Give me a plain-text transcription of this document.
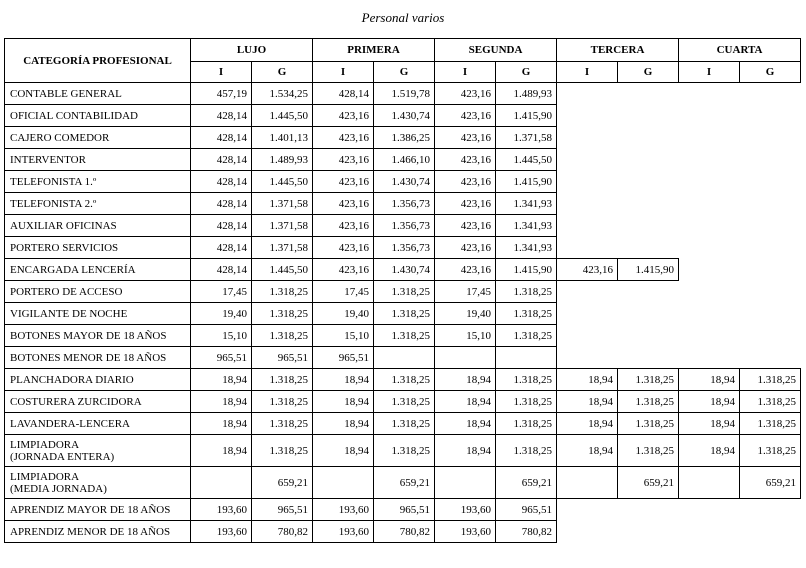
Personal varios
CATEGORÍA PROFESIONAL	LUJO		PRIMERA		SEGUNDA		TERCERA		CUARTA	
	I	G	I	G	I	G	I	G	I	G

CONTABLE GENERAL	457,19	1.534,25	428,14	1.519,78	423,16	1.489,93				

OFICIAL CONTABILIDAD	428,14	1.445,50	423,16	1.430,74	423,16	1.415,90				

CAJERO COMEDOR	428,14	1.401,13	423,16	1.386,25	423,16	1.371,58				

INTERVENTOR	428,14	1.489,93	423,16	1.466,10	423,16	1.445,50				

TELEFONISTA 1.º	428,14	1.445,50	423,16	1.430,74	423,16	1.415,90				

TELEFONISTA 2.º	428,14	1.371,58	423,16	1.356,73	423,16	1.341,93				

AUXILIAR OFICINAS	428,14	1.371,58	423,16	1.356,73	423,16	1.341,93				

PORTERO SERVICIOS	428,14	1.371,58	423,16	1.356,73	423,16	1.341,93				

ENCARGADA LENCERÍA	428,14	1.445,50	423,16	1.430,74	423,16	1.415,90	423,16	1.415,90		

PORTERO DE ACCESO	17,45	1.318,25	17,45	1.318,25	17,45	1.318,25				

VIGILANTE DE NOCHE	19,40	1.318,25	19,40	1.318,25	19,40	1.318,25				

BOTONES MAYOR DE 18 AÑOS	15,10	1.318,25	15,10	1.318,25	15,10	1.318,25				

BOTONES MENOR DE 18 AÑOS	965,51	965,51	965,51							

PLANCHADORA DIARIO	18,94	1.318,25	18,94	1.318,25	18,94	1.318,25	18,94	1.318,25	18,94	1.318,25

COSTURERA ZURCIDORA	18,94	1.318,25	18,94	1.318,25	18,94	1.318,25	18,94	1.318,25	18,94	1.318,25

LAVANDERA-LENCERA	18,94	1.318,25	18,94	1.318,25	18,94	1.318,25	18,94	1.318,25	18,94	1.318,25

LIMPIADORA
(JORNADA ENTERA)	18,94	1.318,25	18,94	1.318,25	18,94	1.318,25	18,94	1.318,25	18,94	1.318,25

LIMPIADORA
(MEDIA JORNADA)		659,21		659,21		659,21		659,21		659,21

APRENDIZ MAYOR DE 18 AÑOS	193,60	965,51	193,60	965,51	193,60	965,51				

APRENDIZ MENOR DE 18 AÑOS	193,60	780,82	193,60	780,82	193,60	780,82				
